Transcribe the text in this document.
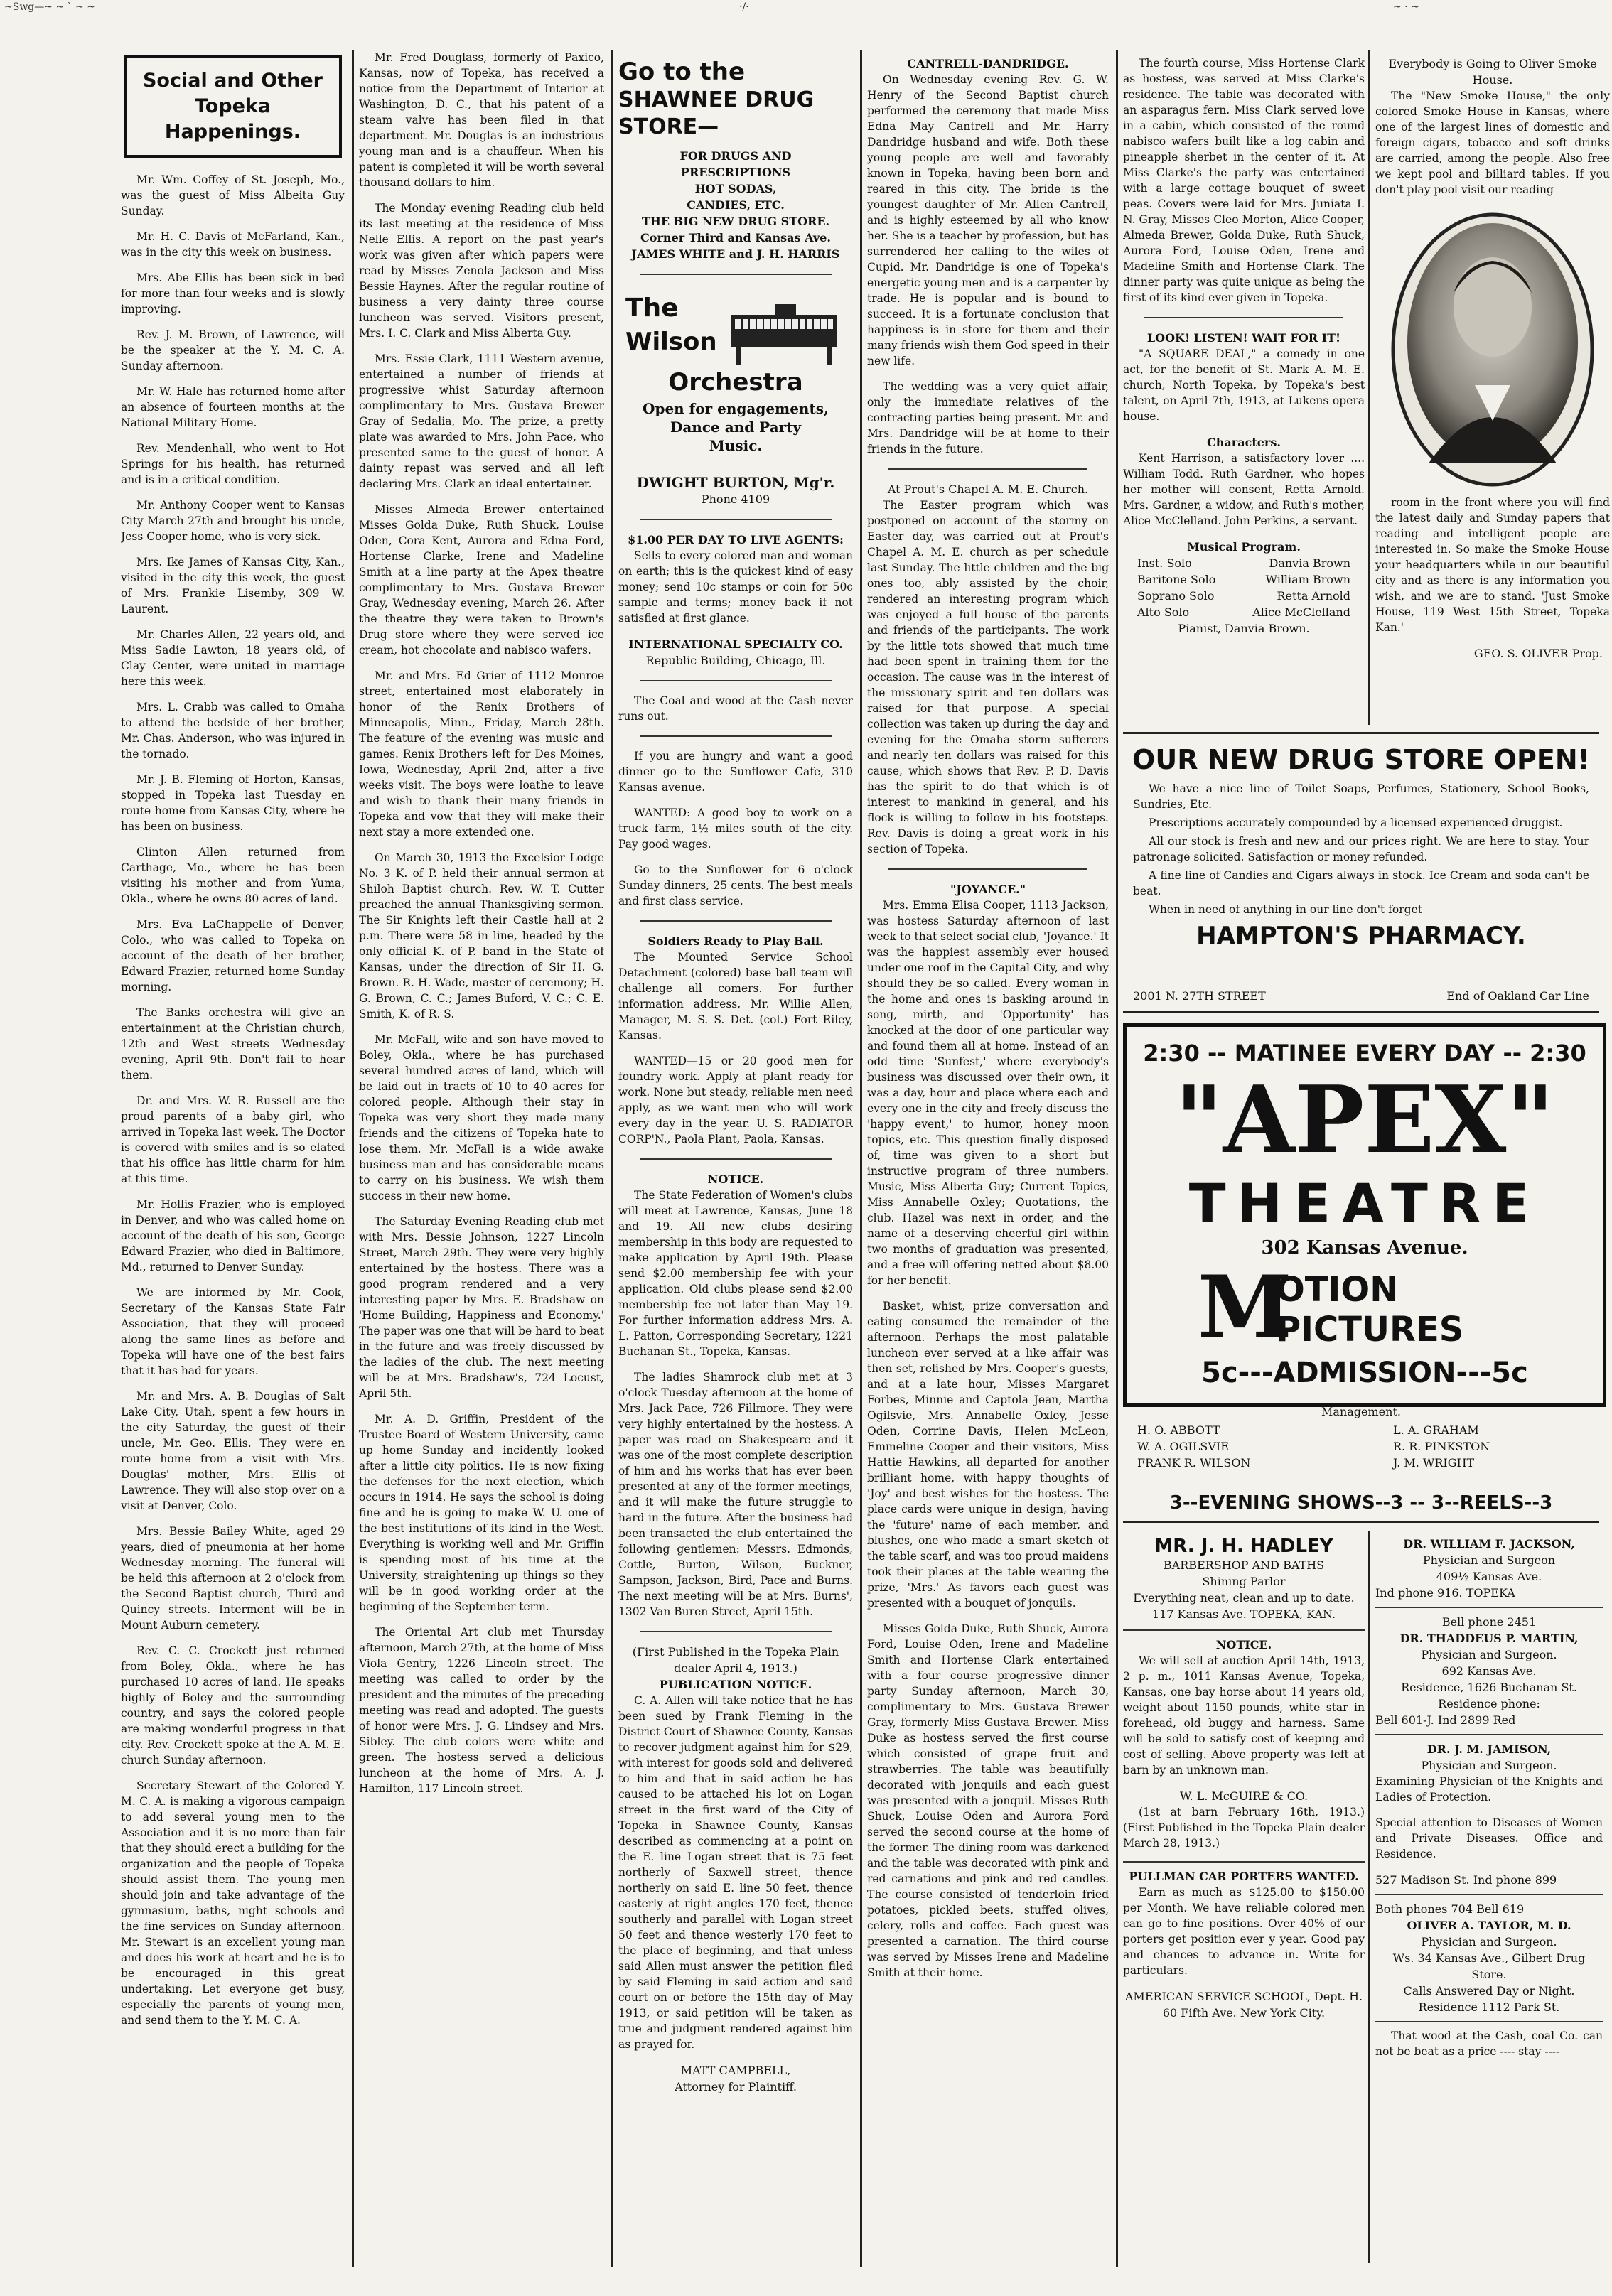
~Swg—~ ~ ` ~ ~	·/·	~ · ~
Social and Other
Topeka Happenings.

Mr. Wm. Coffey of St. Joseph, Mo., was the guest of Miss Albeita Guy Sunday.

Mr. H. C. Davis of McFarland, Kan., was in the city this week on business.

Mrs. Abe Ellis has been sick in bed for more than four weeks and is slowly improving.

Rev. J. M. Brown, of Lawrence, will be the speaker at the Y. M. C. A. Sunday afternoon.

Mr. W. Hale has returned home after an absence of fourteen months at the National Military Home.

Rev. Mendenhall, who went to Hot Springs for his health, has returned and is in a critical condition.

Mr. Anthony Cooper went to Kansas City March 27th and brought his uncle, Jess Cooper home, who is very sick.

Mrs. Ike James of Kansas City, Kan., visited in the city this week, the guest of Mrs. Frankie Lisemby, 309 W. Laurent.

Mr. Charles Allen, 22 years old, and Miss Sadie Lawton, 18 years old, of Clay Center, were united in marriage here this week.

Mrs. L. Crabb was called to Omaha to attend the bedside of her brother, Mr. Chas. Anderson, who was injured in the tornado.

Mr. J. B. Fleming of Horton, Kansas, stopped in Topeka last Tuesday en route home from Kansas City, where he has been on business.

Clinton Allen returned from Carthage, Mo., where he has been visiting his mother and from Yuma, Okla., where he owns 80 acres of land.

Mrs. Eva LaChappelle of Denver, Colo., who was called to Topeka on account of the death of her brother, Edward Frazier, returned home Sunday morning.

The Banks orchestra will give an entertainment at the Christian church, 12th and West streets Wednesday evening, April 9th. Don't fail to hear them.

Dr. and Mrs. W. R. Russell are the proud parents of a baby girl, who arrived in Topeka last week. The Doctor is covered with smiles and is so elated that his office has little charm for him at this time.

Mr. Hollis Frazier, who is employed in Denver, and who was called home on account of the death of his son, George Edward Frazier, who died in Baltimore, Md., returned to Denver Sunday.

We are informed by Mr. Cook, Secretary of the Kansas State Fair Association, that they will proceed along the same lines as before and Topeka will have one of the best fairs that it has had for years.

Mr. and Mrs. A. B. Douglas of Salt Lake City, Utah, spent a few hours in the city Saturday, the guest of their uncle, Mr. Geo. Ellis. They were en route home from a visit with Mrs. Douglas' mother, Mrs. Ellis of Lawrence. They will also stop over on a visit at Denver, Colo.

Mrs. Bessie Bailey White, aged 29 years, died of pneumonia at her home Wednesday morning. The funeral will be held this afternoon at 2 o'clock from the Second Baptist church, Third and Quincy streets. Interment will be in Mount Auburn cemetery.

Rev. C. C. Crockett just returned from Boley, Okla., where he has purchased 10 acres of land. He speaks highly of Boley and the surrounding country, and says the colored people are making wonderful progress in that city. Rev. Crockett spoke at the A. M. E. church Sunday afternoon.

Secretary Stewart of the Colored Y. M. C. A. is making a vigorous campaign to add several young men to the Association and it is no more than fair that they should erect a building for the organization and the people of Topeka should assist them. The young men should join and take advantage of the gymnasium, baths, night schools and the fine services on Sunday afternoon. Mr. Stewart is an excellent young man and does his work at heart and he is to be encouraged in this great undertaking. Let everyone get busy, especially the parents of young men, and send them to the Y. M. C. A.

Mr. Fred Douglass, formerly of Paxico, Kansas, now of Topeka, has received a notice from the Department of Interior at Washington, D. C., that his patent of a steam valve has been filed in that department. Mr. Douglas is an industrious young man and is a chauffeur. When his patent is completed it will be worth several thousand dollars to him.

The Monday evening Reading club held its last meeting at the residence of Miss Nelle Ellis. A report on the past year's work was given after which papers were read by Misses Zenola Jackson and Miss Bessie Haynes. After the regular routine of business a very dainty three course luncheon was served. Visitors present, Mrs. I. C. Clark and Miss Alberta Guy.

Mrs. Essie Clark, 1111 Western avenue, entertained a number of friends at progressive whist Saturday afternoon complimentary to Mrs. Gustava Brewer Gray of Sedalia, Mo. The prize, a pretty plate was awarded to Mrs. John Pace, who presented same to the guest of honor. A dainty repast was served and all left declaring Mrs. Clark an ideal entertainer.

Misses Almeda Brewer entertained Misses Golda Duke, Ruth Shuck, Louise Oden, Cora Kent, Aurora and Edna Ford, Hortense Clarke, Irene and Madeline Smith at a line party at the Apex theatre complimentary to Mrs. Gustava Brewer Gray, Wednesday evening, March 26. After the theatre they were taken to Brown's Drug store where they were served ice cream, hot chocolate and nabisco wafers.

Mr. and Mrs. Ed Grier of 1112 Monroe street, entertained most elaborately in honor of the Renix Brothers of Minneapolis, Minn., Friday, March 28th. The feature of the evening was music and games. Renix Brothers left for Des Moines, Iowa, Wednesday, April 2nd, after a five weeks visit. The boys were loathe to leave and wish to thank their many friends in Topeka and vow that they will make their next stay a more extended one.

On March 30, 1913 the Excelsior Lodge No. 3 K. of P. held their annual sermon at Shiloh Baptist church. Rev. W. T. Cutter preached the annual Thanksgiving sermon. The Sir Knights left their Castle hall at 2 p.m. There were 58 in line, headed by the only official K. of P. band in the State of Kansas, under the direction of Sir H. G. Brown. R. H. Wade, master of ceremony; H. G. Brown, C. C.; James Buford, V. C.; C. E. Smith, K. of R. S.

Mr. McFall, wife and son have moved to Boley, Okla., where he has purchased several hundred acres of land, which will be laid out in tracts of 10 to 40 acres for colored people. Although their stay in Topeka was very short they made many friends and the citizens of Topeka hate to lose them. Mr. McFall is a wide awake business man and has considerable means to carry on his business. We wish them success in their new home.

The Saturday Evening Reading club met with Mrs. Bessie Johnson, 1227 Lincoln Street, March 29th. They were very highly entertained by the hostess. There was a good program rendered and a very interesting paper by Mrs. E. Bradshaw on 'Home Building, Happiness and Economy.' The paper was one that will be hard to beat in the future and was freely discussed by the ladies of the club. The next meeting will be at Mrs. Bradshaw's, 724 Locust, April 5th.

Mr. A. D. Griffin, President of the Trustee Board of Western University, came up home Sunday and incidently looked after a little city politics. He is now fixing the defenses for the next election, which occurs in 1914. He says the school is doing fine and he is going to make W. U. one of the best institutions of its kind in the West. Everything is working well and Mr. Griffin is spending most of his time at the University, straightening up things so they will be in good working order at the beginning of the September term.

The Oriental Art club met Thursday afternoon, March 27th, at the home of Miss Viola Gentry, 1226 Lincoln street. The meeting was called to order by the president and the minutes of the preceding meeting was read and adopted. The guests of honor were Mrs. J. G. Lindsey and Mrs. Sibley. The club colors were white and green. The hostess served a delicious luncheon at the home of Mrs. A. J. Hamilton, 117 Lincoln street.

Go to the
SHAWNEE DRUG
STORE—
FOR DRUGS AND
PRESCRIPTIONS
HOT SODAS,
CANDIES, ETC.
THE BIG NEW DRUG STORE.
Corner Third and Kansas Ave.
JAMES WHITE and J. H. HARRIS
The
Wilson
Orchestra
Open for engagements,
Dance and Party
Music.
DWIGHT BURTON, Mg'r.
Phone 4109
$1.00 PER DAY TO LIVE AGENTS:

Sells to every colored man and woman on earth; this is the quickest kind of easy money; send 10c stamps or coin for 50c sample and terms; money back if not satisfied at first glance.

INTERNATIONAL SPECIALTY CO.
Republic Building, Chicago, Ill.

The Coal and wood at the Cash never runs out.

If you are hungry and want a good dinner go to the Sunflower Cafe, 310 Kansas avenue.

WANTED: A good boy to work on a truck farm, 1½ miles south of the city. Pay good wages.

Go to the Sunflower for 6 o'clock Sunday dinners, 25 cents. The best meals and first class service.

Soldiers Ready to Play Ball.

The Mounted Service School Detachment (colored) base ball team will challenge all comers. For further information address, Mr. Willie Allen, Manager, M. S. S. Det. (col.) Fort Riley, Kansas.

WANTED—15 or 20 good men for foundry work. Apply at plant ready for work. None but steady, reliable men need apply, as we want men who will work every day in the year. U. S. RADIATOR CORP'N., Paola Plant, Paola, Kansas.

NOTICE.

The State Federation of Women's clubs will meet at Lawrence, Kansas, June 18 and 19. All new clubs desiring membership in this body are requested to make application by April 19th. Please send $2.00 membership fee with your application. Old clubs please send $2.00 membership fee not later than May 19. For further information address Mrs. A. L. Patton, Corresponding Secretary, 1221 Buchanan St., Topeka, Kansas.

The ladies Shamrock club met at 3 o'clock Tuesday afternoon at the home of Mrs. Jack Pace, 726 Fillmore. They were very highly entertained by the hostess. A paper was read on Shakespeare and it was one of the most complete description of him and his works that has ever been presented at any of the former meetings, and it will make the future struggle to hard in the future. After the business had been transacted the club entertained the following gentlemen: Messrs. Edmonds, Cottle, Burton, Wilson, Buckner, Sampson, Jackson, Bird, Pace and Burns. The next meeting will be at Mrs. Burns', 1302 Van Buren Street, April 15th.

(First Published in the Topeka Plain dealer April 4, 1913.)
PUBLICATION NOTICE.

C. A. Allen will take notice that he has been sued by Frank Fleming in the District Court of Shawnee County, Kansas to recover judgment against him for $29, with interest for goods sold and delivered to him and that in said action he has caused to be attached his lot on Logan street in the first ward of the City of Topeka in Shawnee County, Kansas described as commencing at a point on the E. line Logan street that is 75 feet northerly of Saxwell street, thence northerly on said E. line 50 feet, thence easterly at right angles 170 feet, thence southerly and parallel with Logan street 50 feet and thence westerly 170 feet to the place of beginning, and that unless said Allen must answer the petition filed by said Fleming in said action and said court on or before the 15th day of May 1913, or said petition will be taken as true and judgment rendered against him as prayed for.

MATT CAMPBELL,
Attorney for Plaintiff.
CANTRELL-DANDRIDGE.

On Wednesday evening Rev. G. W. Henry of the Second Baptist church performed the ceremony that made Miss Edna May Cantrell and Mr. Harry Dandridge husband and wife. Both these young people are well and favorably known in Topeka, having been born and reared in this city. The bride is the youngest daughter of Mr. Allen Cantrell, and is highly esteemed by all who know her. She is a teacher by profession, but has surrendered her calling to the wiles of Cupid. Mr. Dandridge is one of Topeka's energetic young men and is a carpenter by trade. He is popular and is bound to succeed. It is a fortunate conclusion that happiness is in store for them and their many friends wish them God speed in their new life.

The wedding was a very quiet affair, only the immediate relatives of the contracting parties being present. Mr. and Mrs. Dandridge will be at home to their friends in the future.

At Prout's Chapel A. M. E. Church.

The Easter program which was postponed on account of the stormy on Easter day, was carried out at Prout's Chapel A. M. E. church as per schedule last Sunday. The little children and the big ones too, ably assisted by the choir, rendered an interesting program which was enjoyed a full house of the parents and friends of the participants. The work by the little tots showed that much time had been spent in training them for the occasion. The cause was in the interest of the missionary spirit and ten dollars was raised for that purpose. A special collection was taken up during the day and evening for the Omaha storm sufferers and nearly ten dollars was raised for this cause, which shows that Rev. P. D. Davis has the spirit to do that which is of interest to mankind in general, and his flock is willing to follow in his footsteps. Rev. Davis is doing a great work in his section of Topeka.

"JOYANCE."

Mrs. Emma Elisa Cooper, 1113 Jackson, was hostess Saturday afternoon of last week to that select social club, 'Joyance.' It was the happiest assembly ever housed under one roof in the Capital City, and why should they be so called. Every woman in the home and ones is basking around in song, mirth, and 'Opportunity' has knocked at the door of one particular way and found them all at home. Instead of an odd time 'Sunfest,' where everybody's business was discussed over their own, it was a day, hour and place where each and every one in the city and freely discuss the 'happy event,' to humor, honey moon topics, etc. This question finally disposed of, time was given to a short but instructive program of three numbers. Music, Miss Alberta Guy; Current Topics, Miss Annabelle Oxley; Quotations, the club. Hazel was next in order, and the name of a deserving cheerful girl within two months of graduation was presented, and a free will offering netted about $8.00 for her benefit.

Basket, whist, prize conversation and eating consumed the remainder of the afternoon. Perhaps the most palatable luncheon ever served at a like affair was then set, relished by Mrs. Cooper's guests, and at a late hour, Misses Margaret Forbes, Minnie and Captola Jean, Martha Ogilsvie, Mrs. Annabelle Oxley, Jesse Oden, Corrine Davis, Helen McLeon, Emmeline Cooper and their visitors, Miss Hattie Hawkins, all departed for another brilliant home, with happy thoughts of 'Joy' and best wishes for the hostess. The place cards were unique in design, having the 'future' name of each member, and blushes, one who made a smart sketch of the table scarf, and was too proud maidens took their places at the table wearing the prize, 'Mrs.' As favors each guest was presented with a bouquet of jonquils.

Misses Golda Duke, Ruth Shuck, Aurora Ford, Louise Oden, Irene and Madeline Smith and Hortense Clark entertained with a four course progressive dinner party Sunday afternoon, March 30, complimentary to Mrs. Gustava Brewer Gray, formerly Miss Gustava Brewer. Miss Duke as hostess served the first course which consisted of grape fruit and strawberries. The table was beautifully decorated with jonquils and each guest was presented with a jonquil. Misses Ruth Shuck, Louise Oden and Aurora Ford served the second course at the home of the former. The dining room was darkened and the table was decorated with pink and red carnations and pink and red candles. The course consisted of tenderloin fried potatoes, pickled beets, stuffed olives, celery, rolls and coffee. Each guest was presented a carnation. The third course was served by Misses Irene and Madeline Smith at their home.

The fourth course, Miss Hortense Clark as hostess, was served at Miss Clarke's residence. The table was decorated with an asparagus fern. Miss Clark served love in a cabin, which consisted of the round nabisco wafers built like a log cabin and pineapple sherbet in the center of it. At Miss Clarke's the party was entertained with a large cottage bouquet of sweet peas. Covers were laid for Mrs. Juniata I. N. Gray, Misses Cleo Morton, Alice Cooper, Almeda Brewer, Golda Duke, Ruth Shuck, Aurora Ford, Louise Oden, Irene and Madeline Smith and Hortense Clark. The dinner party was quite unique as being the first of its kind ever given in Topeka.

LOOK! LISTEN! WAIT FOR IT!

"A SQUARE DEAL," a comedy in one act, for the benefit of St. Mark A. M. E. church, North Topeka, by Topeka's best talent, on April 7th, 1913, at Lukens opera house.

Characters.

Kent Harrison, a satisfactory lover .... William Todd. Ruth Gardner, who hopes her mother will consent, Retta Arnold. Mrs. Gardner, a widow, and Ruth's mother, Alice McClelland. John Perkins, a servant.

Musical Program.
Inst. Solo	Danvia Brown
Baritone Solo	William Brown
Soprano Solo	Retta Arnold
Alto Solo	Alice McClelland
Pianist, Danvia Brown.
Everybody is Going to Oliver Smoke House.

The "New Smoke House," the only colored Smoke House in Kansas, where one of the largest lines of domestic and foreign cigars, tobacco and soft drinks are carried, among the people. Also free we kept pool and billiard tables. If you don't play pool visit our reading

room in the front where you will find the latest daily and Sunday papers that reading and intelligent people are interested in. So make the Smoke House your headquarters while in our beautiful city and as there is any information you wish, and we are to stand. 'Just Smoke House, 119 West 15th Street, Topeka Kan.'

GEO. S. OLIVER Prop.
OUR NEW DRUG STORE OPEN!

We have a nice line of Toilet Soaps, Perfumes, Stationery, School Books, Sundries, Etc.

Prescriptions accurately compounded by a licensed experienced druggist.

All our stock is fresh and new and our prices right. We are here to stay. Your patronage solicited. Satisfaction or money refunded.

A fine line of Candies and Cigars always in stock. Ice Cream and soda can't be beat.

When in need of anything in our line don't forget

HAMPTON'S PHARMACY.
2001 N. 27TH STREET	End of Oakland Car Line
2:30 -- MATINEE EVERY DAY -- 2:30
"APEX"
THEATRE
302 Kansas Avenue.
M
OTION
PICTURES
5c---ADMISSION---5c
Management.
H. O. ABBOTT
W. A. OGILSVIE
FRANK R. WILSON
L. A. GRAHAM
R. R. PINKSTON
J. M. WRIGHT
3--EVENING SHOWS--3 -- 3--REELS--3
MR. J. H. HADLEY
BARBERSHOP AND BATHS
Shining Parlor
Everything neat, clean and up to date.
117 Kansas Ave. TOPEKA, KAN.
NOTICE.

We will sell at auction April 14th, 1913, 2 p. m., 1011 Kansas Avenue, Topeka, Kansas, one bay horse about 14 years old, weight about 1150 pounds, white star in forehead, old buggy and harness. Same will be sold to satisfy cost of keeping and cost of selling. Above property was left at barn by an unknown man.

W. L. McGUIRE & CO.

(1st at barn February 16th, 1913.) (First Published in the Topeka Plain dealer March 28, 1913.)

PULLMAN CAR PORTERS WANTED.

Earn as much as $125.00 to $150.00 per Month. We have reliable colored men can go to fine positions. Over 40% of our porters get position ever y year. Good pay and chances to advance in. Write for particulars.

AMERICAN SERVICE SCHOOL, Dept. H.
60 Fifth Ave. New York City.
DR. WILLIAM F. JACKSON,
Physician and Surgeon
409½ Kansas Ave.
Ind phone 916. TOPEKA
Bell phone 2451
DR. THADDEUS P. MARTIN,
Physician and Surgeon.
692 Kansas Ave.
Residence, 1626 Buchanan St.
Residence phone:
Bell 601-J. Ind 2899 Red
DR. J. M. JAMISON,
Physician and Surgeon.

Examining Physician of the Knights and Ladies of Protection.

Special attention to Diseases of Women and Private Diseases. Office and Residence.

527 Madison St. Ind phone 899
Both phones 704 Bell 619
OLIVER A. TAYLOR, M. D.
Physician and Surgeon.
Ws. 34 Kansas Ave., Gilbert Drug Store.
Calls Answered Day or Night.
Residence 1112 Park St.

That wood at the Cash, coal Co. can not be beat as a price ---- stay ----
